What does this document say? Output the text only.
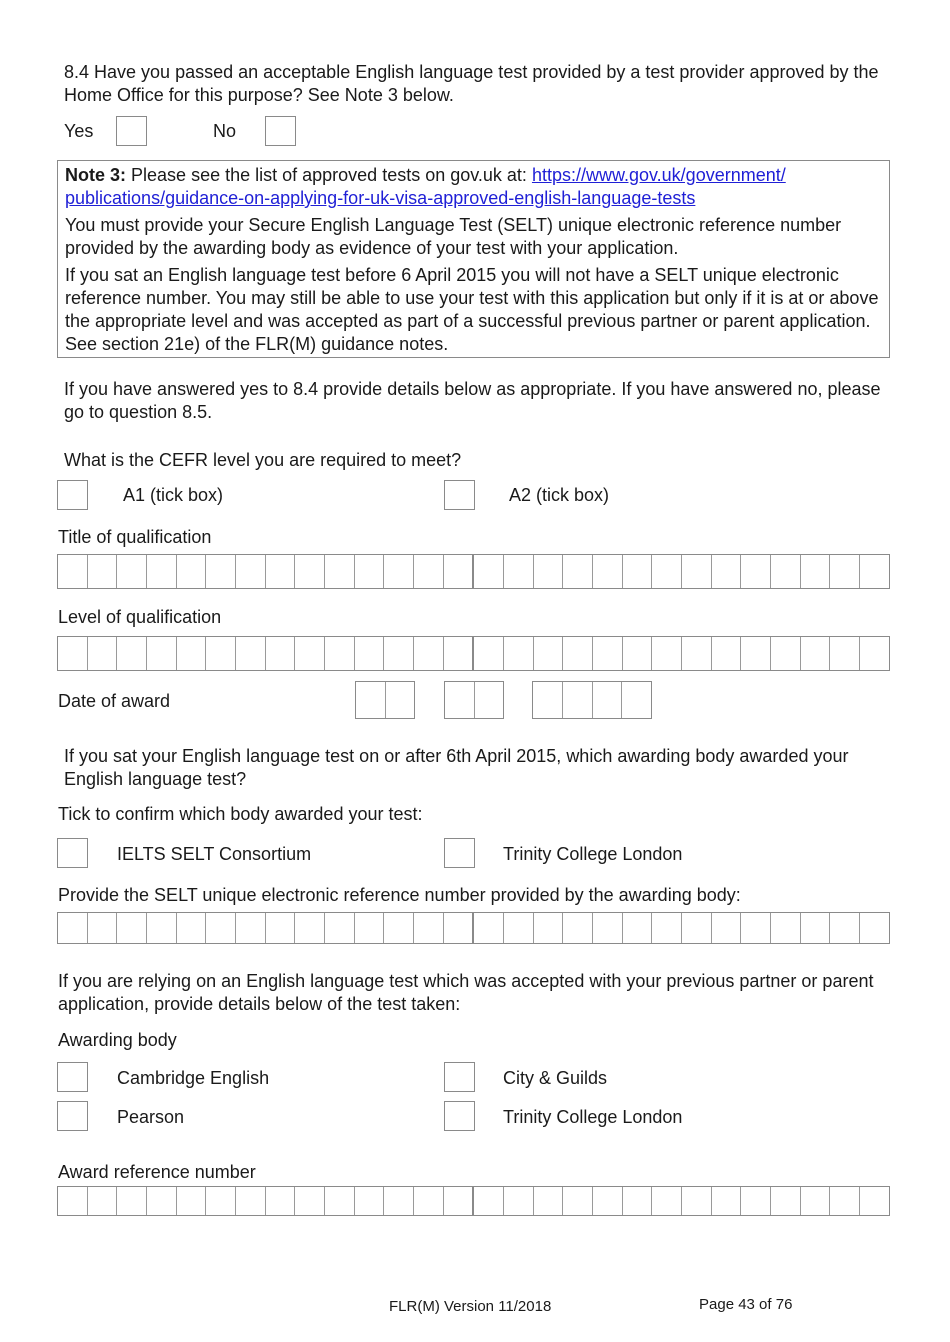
8.4 Have you passed an acceptable English language test provided by a test provider approved by the Home Office for this purpose? See Note 3 below.
Yes	No

Note 3: Please see the list of approved tests on gov.uk at: https://www.gov.uk/government/
publications/guidance-on-applying-for-uk-visa-approved-english-language-tests

You must provide your Secure English Language Test (SELT) unique electronic reference number provided by the awarding body as evidence of your test with your application.

If you sat an English language test before 6 April 2015 you will not have a SELT unique electronic reference number. You may still be able to use your test with this application but only if it is at or above the appropriate level and was accepted as part of a successful previous partner or parent application. See section 21e) of the FLR(M) guidance notes.

If you have answered yes to 8.4 provide details below as appropriate. If you have answered no, please go to question 8.5.
What is the CEFR level you are required to meet?
A1 (tick box)	A2 (tick box)
Title of qualification
Level of qualification
Date of award
If you sat your English language test on or after 6th April 2015, which awarding body awarded your English language test?
Tick to confirm which body awarded your test:
IELTS SELT Consortium	Trinity College London
Provide the SELT unique electronic reference number provided by the awarding body:
If you are relying on an English language test which was accepted with your previous partner or parent application, provide details below of the test taken:
Awarding body
Cambridge English	City & Guilds
Pearson	Trinity College London
Award reference number
FLR(M) Version 11/2018	Page 43 of 76
